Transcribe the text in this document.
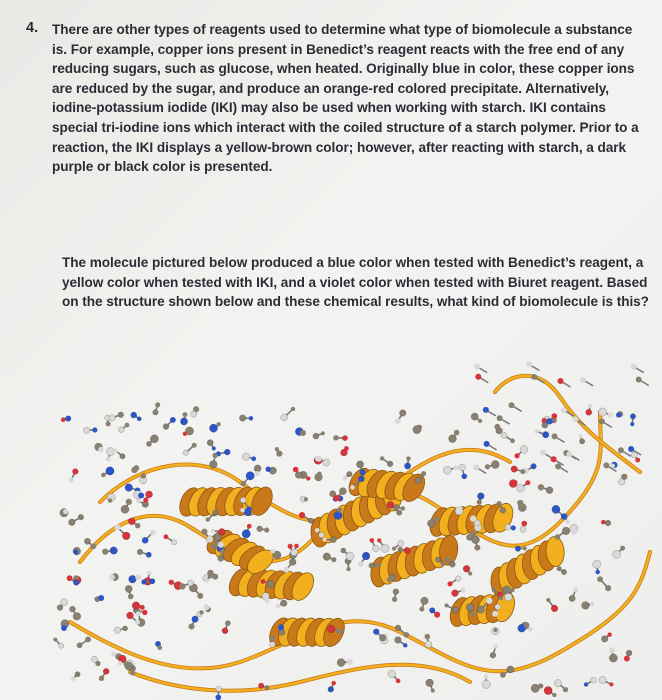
4. There are other types of reagents used to determine what type of biomolecule a substance
is. For example, copper ions present in Benedict’s reagent reacts with the free end of any
reducing sugars, such as glucose, when heated. Originally blue in color, these copper ions
are reduced by the sugar, and produce an orange-red colored precipitate. Alternatively,
iodine-potassium iodide (IKI) may also be used when working with starch. IKI contains
special tri-iodine ions which interact with the coiled structure of a starch polymer. Prior to a
reaction, the IKI displays a yellow-brown color; however, after reacting with starch, a dark
purple or black color is presented.

The molecule pictured below produced a blue color when tested with Benedict’s reagent, a
yellow color when tested with IKI, and a violet color when tested with Biuret reagent. Based
on the structure shown below and these chemical results, what kind of biomolecule is this?
